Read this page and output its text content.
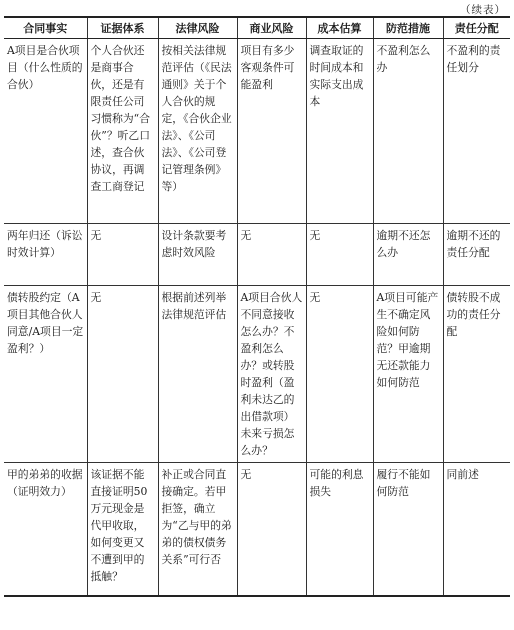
（续表）
合同事实	证据体系	法律风险	商业风险	成本估算	防范措施	责任分配
A项目是合伙项目（什么性质的合伙）	个人合伙还是商事合伙，还是有限责任公司习惯称为“合伙”？听乙口述，查合伙协议，再调查工商登记	按相关法律规范评估（《民法通则》关于个人合伙的规定，《合伙企业法》、《公司法》、《公司登记管理条例》等）	项目有多少客观条件可能盈利	调查取证的时间成本和实际支出成本	不盈利怎么办	不盈利的责任划分
两年归还（诉讼时效计算）	无	设计条款要考虑时效风险	无	无	逾期不还怎么办	逾期不还的责任分配
债转股约定（A项目其他合伙人同意/A项目一定盈利？）	无	根据前述列举法律规范评估	A项目合伙人不同意接收怎么办？不盈利怎么办？或转股时盈利（盈利未达乙的出借款项）未来亏损怎么办？	无	A项目可能产生不确定风险如何防范？甲逾期无还款能力如何防范	债转股不成功的责任分配
甲的弟弟的收据（证明效力）	该证据不能直接证明50万元现金是代甲收取，如何变更又不遭到甲的抵触？	补正或合同直接确定。若甲拒签，确立为“乙与甲的弟弟的债权债务关系”可行否	无	可能的利息损失	履行不能如何防范	同前述
